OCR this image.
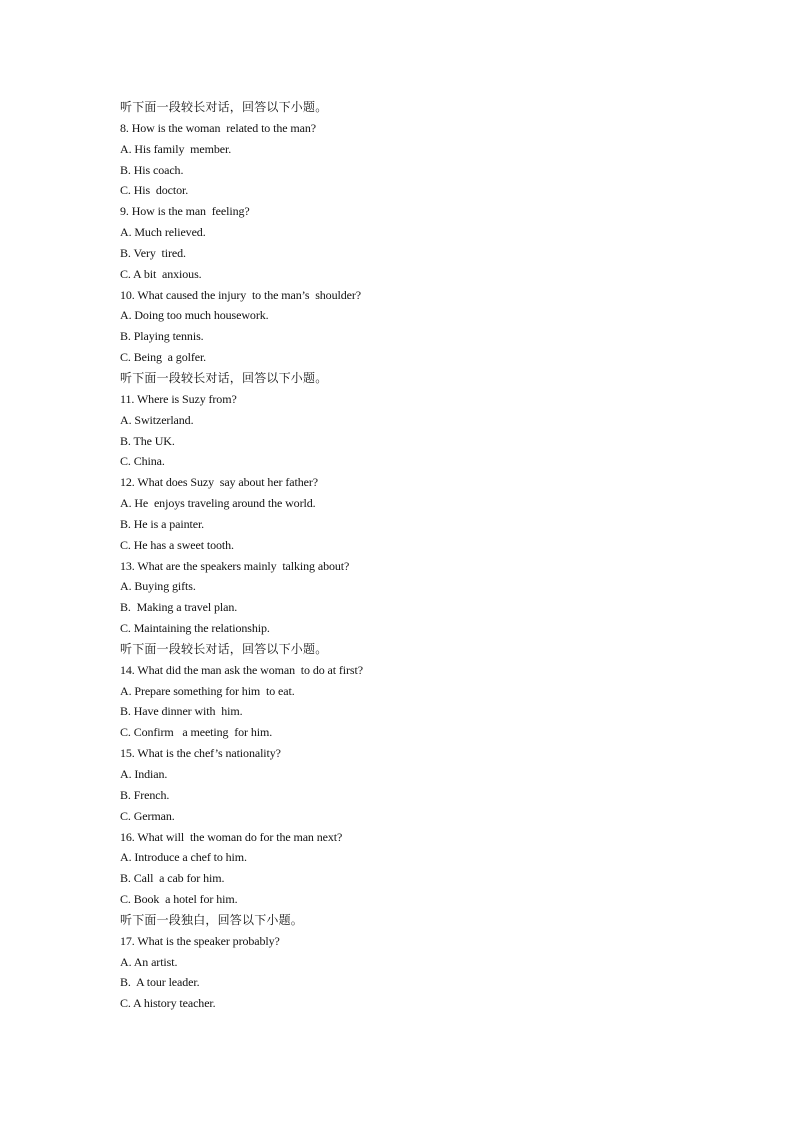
听下面一段较长对话，回答以下小题。
8. How is the woman  related to the man?
A. His family  member.
B. His coach.
C. His  doctor.
9. How is the man  feeling?
A. Much relieved.
B. Very  tired.
C. A bit  anxious.
10. What caused the injury  to the man’s  shoulder?
A. Doing too much housework.
B. Playing tennis.
C. Being  a golfer.
听下面一段较长对话，回答以下小题。
11. Where is Suzy from?
A. Switzerland.
B. The UK.
C. China.
12. What does Suzy  say about her father?
A. He  enjoys traveling around the world.
B. He is a painter.
C. He has a sweet tooth.
13. What are the speakers mainly  talking about?
A. Buying gifts.
B.  Making a travel plan.
C. Maintaining the relationship.
听下面一段较长对话，回答以下小题。
14. What did the man ask the woman  to do at first?
A. Prepare something for him  to eat.
B. Have dinner with  him.
C. Confirm   a meeting  for him.
15. What is the chef’s nationality?
A. Indian.
B. French.
C. German.
16. What will  the woman do for the man next?
A. Introduce a chef to him.
B. Call  a cab for him.
C. Book  a hotel for him.
听下面一段独白，回答以下小题。
17. What is the speaker probably?
A. An artist.
B.  A tour leader.
C. A history teacher.
